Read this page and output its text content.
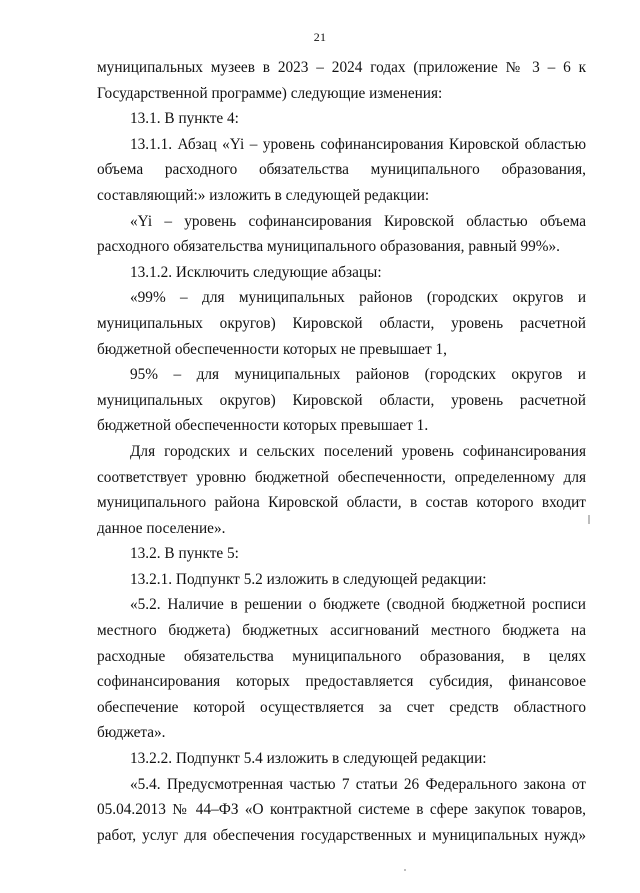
21

муниципальных музеев в 2023 – 2024 годах (приложение № 3 – 6 к Государственной программе) следующие изменения:

13.1. В пункте 4:

13.1.1. Абзац «Yi – уровень софинансирования Кировской областью объема расходного обязательства муниципального образования, составляющий:» изложить в следующей редакции:

«Yi – уровень софинансирования Кировской областью объема расходного обязательства муниципального образования, равный 99%».

13.1.2. Исключить следующие абзацы:

«99% – для муниципальных районов (городских округов и муниципальных округов) Кировской области, уровень расчетной бюджетной обеспеченности которых не превышает 1,

95% – для муниципальных районов (городских округов и муниципальных округов) Кировской области, уровень расчетной бюджетной обеспеченности которых превышает 1.

Для городских и сельских поселений уровень софинансирования соответствует уровню бюджетной обеспеченности, определенному для муниципального района Кировской области, в состав которого входит данное поселение».

13.2. В пункте 5:

13.2.1. Подпункт 5.2 изложить в следующей редакции:

«5.2. Наличие в решении о бюджете (сводной бюджетной росписи местного бюджета) бюджетных ассигнований местного бюджета на расходные обязательства муниципального образования, в целях софинансирования которых предоставляется субсидия, финансовое обеспечение которой осуществляется за счет средств областного бюджета».

13.2.2. Подпункт 5.4 изложить в следующей редакции:

«5.4. Предусмотренная частью 7 статьи 26 Федерального закона от 05.04.2013 № 44–ФЗ «О контрактной системе в сфере закупок товаров, работ, услуг для обеспечения государственных и муниципальных нужд»
